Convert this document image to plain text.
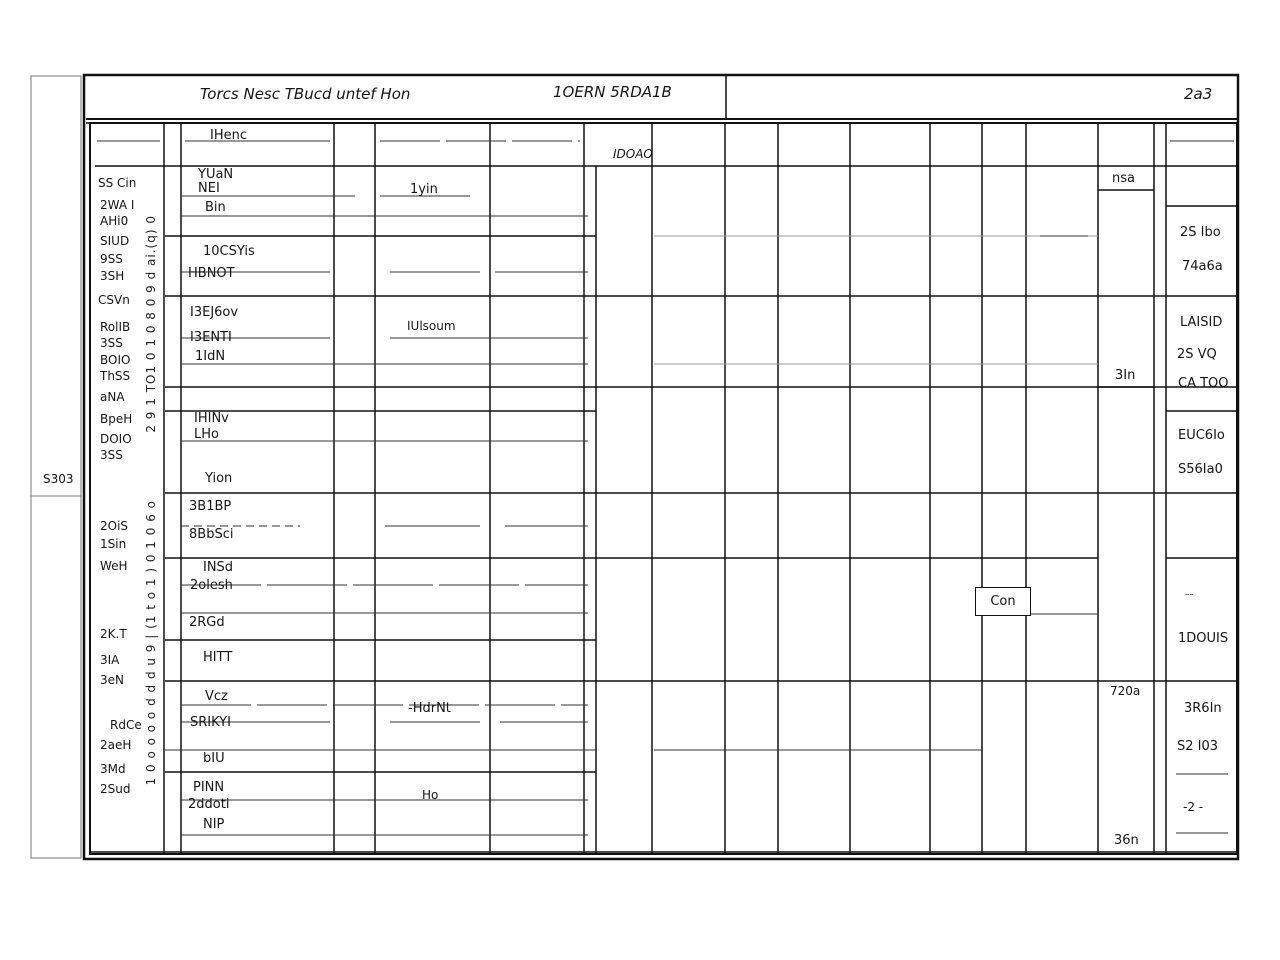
Torcs Nesc TBucd untef Hon	1OERN 5RDA1B	2a3
S303
2 9 1 TO1 0 1 0 8 0 9 d ai.(q) 0
1 0 o o o o d d d u 9 | (1 t o 1 ) 0 1 0 6 o
SS Cin
2WA I
AHi0
SIUD
9SS
3SH
CSVn
RolIB
3SS
BOIO
ThSS
aNA
BpeH
DOIO
3SS
2OiS
1Sin
WeH
2K.T
3IA
3eN
RdCe
2aeH
3Md
2Sud
IHenc
YUaN
NEI
Bin
10CSYis
HBNOT
I3EJ6ov
I3ENTI
1IdN
IHINv
LHo
Yion
3B1BP
8BbSci
INSd
2olesh
2RGd
HITT
Vcz
SRIKYI
bIU
PINN
2ddoti
NIP
1yin
IUlsoum
-HdrNt
Ho
IDOAO
nsa
3In
720a
36n
Con
2S Ibo
74a6a
LAISID
2S VQ
CA TOO
EUC6Io
S56Ia0
--
1DOUIS
3R6In
S2 I03
-2 -
